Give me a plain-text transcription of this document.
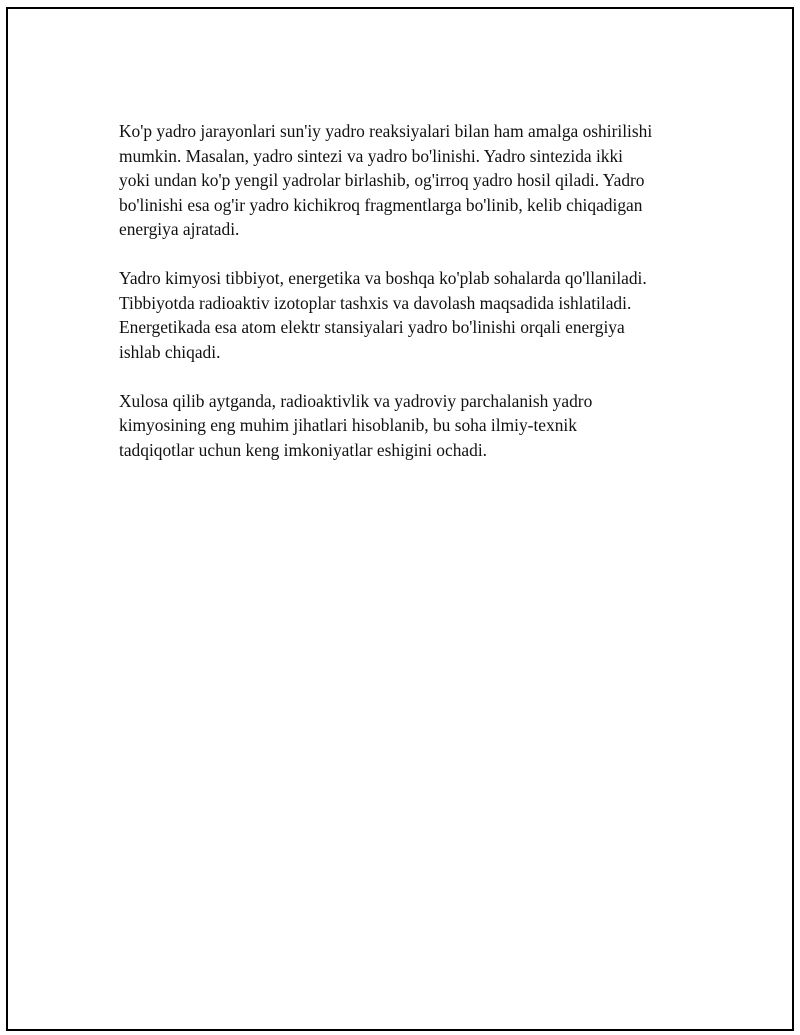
Ko'p yadro jarayonlari sun'iy yadro reaksiyalari bilan ham amalga oshirilishi
mumkin. Masalan, yadro sintezi va yadro bo'linishi. Yadro sintezida ikki
yoki undan ko'p yengil yadrolar birlashib, og'irroq yadro hosil qiladi. Yadro
bo'linishi esa og'ir yadro kichikroq fragmentlarga bo'linib, kelib chiqadigan
energiya ajratadi.

Yadro kimyosi tibbiyot, energetika va boshqa ko'plab sohalarda qo'llaniladi.
Tibbiyotda radioaktiv izotoplar tashxis va davolash maqsadida ishlatiladi.
Energetikada esa atom elektr stansiyalari yadro bo'linishi orqali energiya
ishlab chiqadi.

Xulosa qilib aytganda, radioaktivlik va yadroviy parchalanish yadro
kimyosining eng muhim jihatlari hisoblanib, bu soha ilmiy-texnik
tadqiqotlar uchun keng imkoniyatlar eshigini ochadi.
